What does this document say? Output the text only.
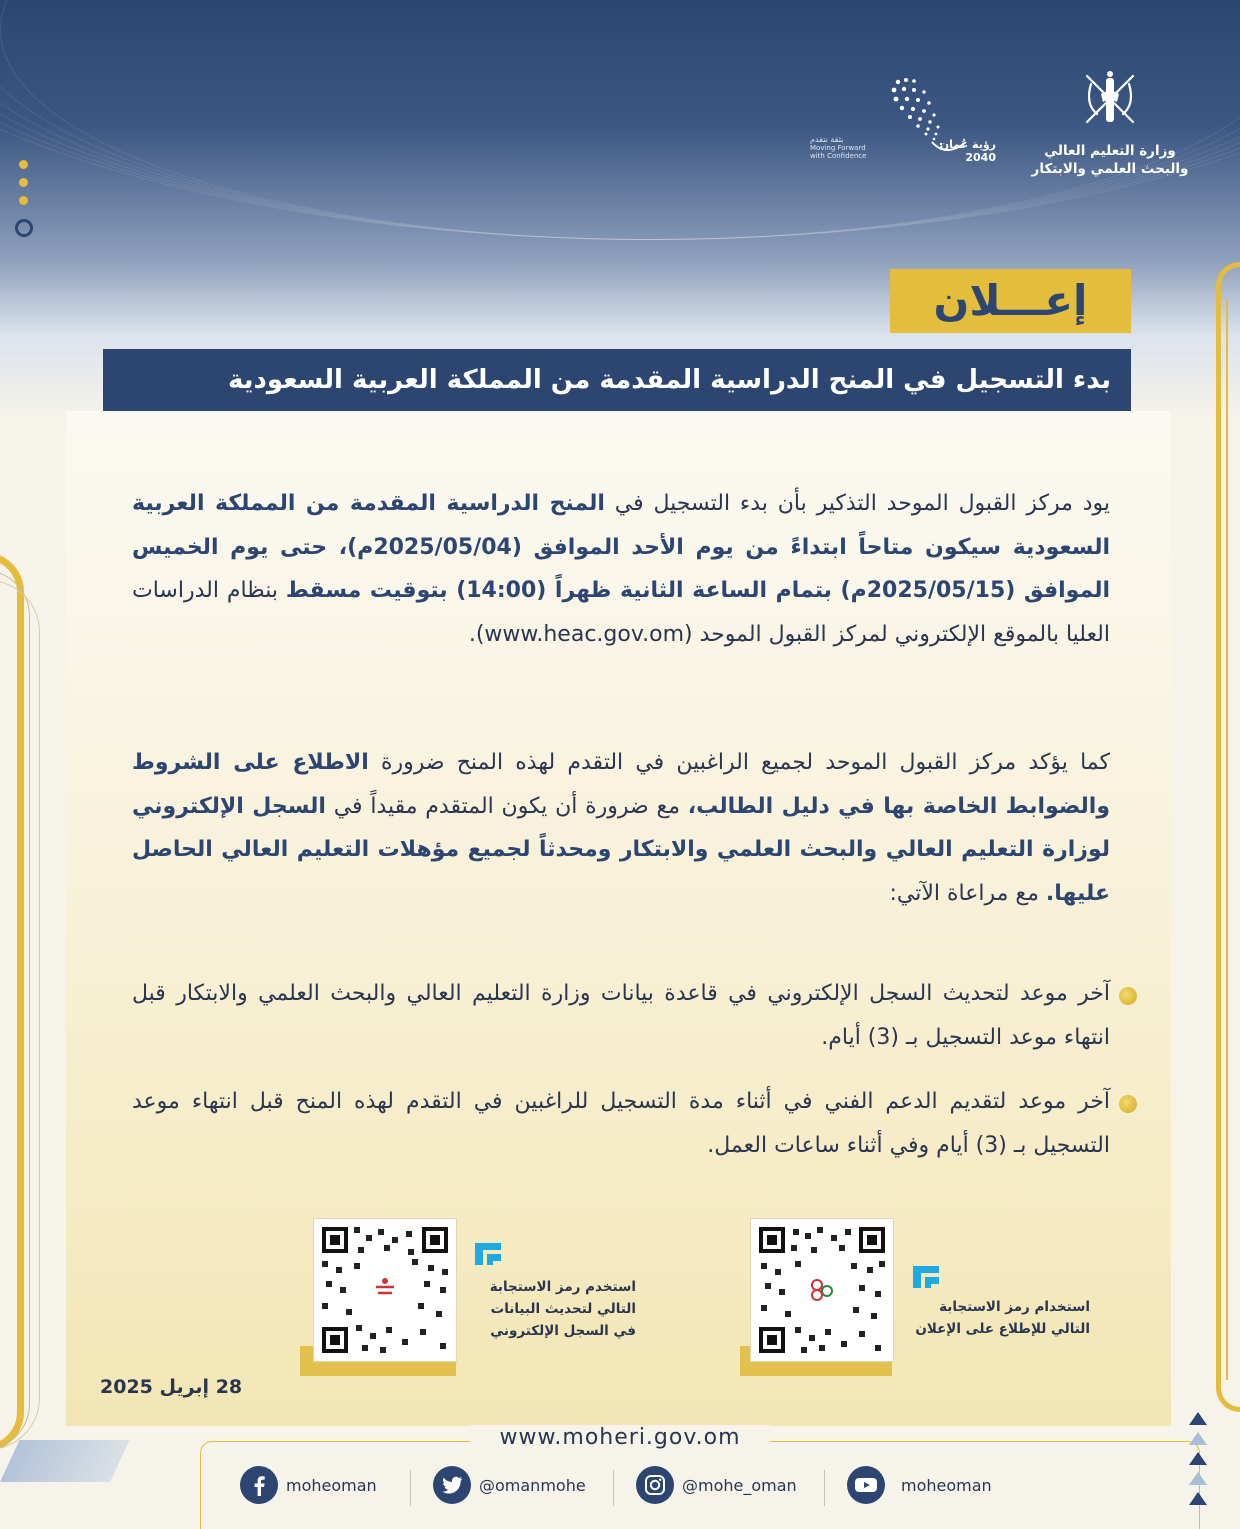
وزارة التعليم العالي
والبحث العلمي والابتكار
رؤية عُمان 2040
بثقة نتقدم
Moving Forward
with Confidence
إعـــلان
بدء التسجيل في المنح الدراسية المقدمة من المملكة العربية السعودية
يود مركز القبول الموحد التذكير بأن بدء التسجيل في المنح الدراسية المقدمة من المملكة العربية السعودية سيكون متاحاً ابتداءً من يوم الأحد الموافق (2025/05/04م)، حتى يوم الخميس الموافق (2025/05/15م) بتمام الساعة الثانية ظهراً (14:00) بتوقيت مسقط بنظام الدراسات العليا بالموقع الإلكتروني لمركز القبول الموحد (www.heac.gov.om).
كما يؤكد مركز القبول الموحد لجميع الراغبين في التقدم لهذه المنح ضرورة الاطلاع على الشروط والضوابط الخاصة بها في دليل الطالب، مع ضرورة أن يكون المتقدم مقيداً في السجل الإلكتروني لوزارة التعليم العالي والبحث العلمي والابتكار ومحدثاً لجميع مؤهلات التعليم العالي الحاصل عليها. مع مراعاة الآتي:
آخر موعد لتحديث السجل الإلكتروني في قاعدة بيانات وزارة التعليم العالي والبحث العلمي والابتكار قبل انتهاء موعد التسجيل بـ (3) أيام.
آخر موعد لتقديم الدعم الفني في أثناء مدة التسجيل للراغبين في التقدم لهذه المنح قبل انتهاء موعد التسجيل بـ (3) أيام وفي أثناء ساعات العمل.
استخدام رمز الاستجابة
التالي للإطلاع على الإعلان
استخدم رمز الاستجابة
التالي لتحديث البيانات
في السجل الإلكتروني
28 إبريل 2025
www.moheri.gov.om
moheoman	@omanmohe	@mohe_oman	moheoman
